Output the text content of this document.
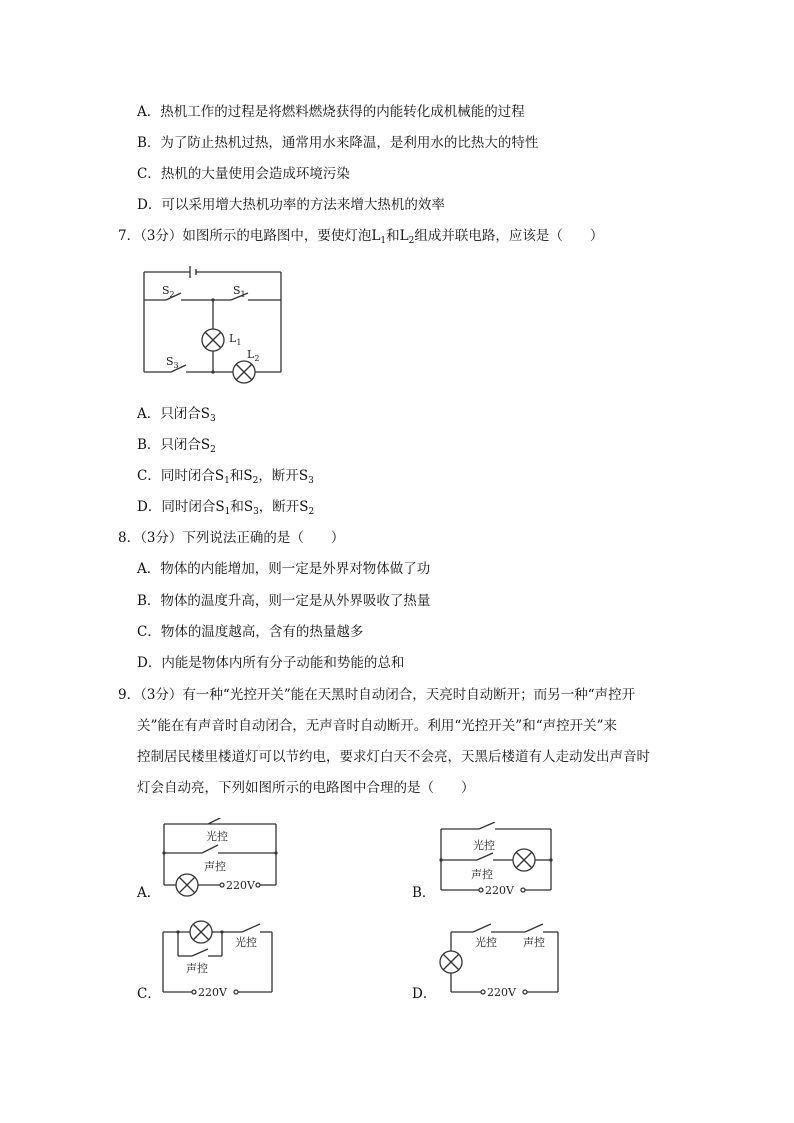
A．热机工作的过程是将燃料燃烧获得的内能转化成机械能的过程
B．为了防止热机过热，通常用水来降温，是利用水的比热大的特性
C．热机的大量使用会造成环境污染
D．可以采用增大热机功率的方法来增大热机的效率
7．（3分）如图所示的电路图中，要使灯泡$L_1$和$L_2$组成并联电路，应该是（　　）
$S_2$	$S_1$
$L_1$
$L_2$
$S_3$
A．只闭合$S_3$
B．只闭合$S_2$
C．同时闭合$S_1$和$S_2$，断开$S_3$
D．同时闭合$S_1$和$S_3$，断开$S_2$
8．（3分）下列说法正确的是（　　）
A．物体的内能增加，则一定是外界对物体做了功
B．物体的温度升高，则一定是从外界吸收了热量
C．物体的温度越高，含有的热量越多
D．内能是物体内所有分子动能和势能的总和
9．（3分）有一种“光控开关”能在天黑时自动闭合，天亮时自动断开；而另一种“声控开
关”能在有声音时自动闭合，无声音时自动断开。利用“光控开关”和“声控开关”来
控制居民楼里楼道灯可以节约电，要求灯白天不会亮，天黑后楼道有人走动发出声音时
灯会自动亮，下列如图所示的电路图中合理的是（　　）
A．	B．
C．	D．
光控
声控
220V
光控
声控
220V
光控
声控
220V
光控 声控
220V
